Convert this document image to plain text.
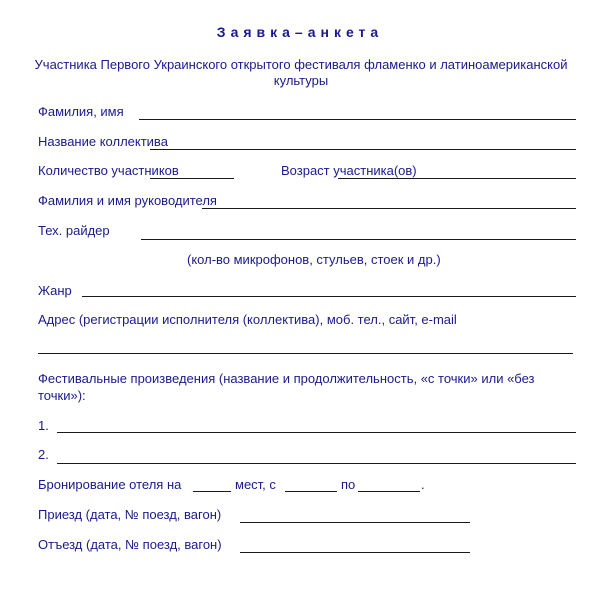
Заявка–анкета
Участника Первого Украинского открытого фестиваля фламенко и латиноамериканской
культуры
Фамилия, имя
Название коллектива
Количество участников	Возраст участника(ов)
Фамилия и имя руководителя
Тех. райдер
(кол-во микрофонов, стульев, стоек и др.)
Жанр
Адрес (регистрации исполнителя (коллектива), моб. тел., сайт, e-mail
Фестивальные произведения (название и продолжительность, «с точки» или «без
точки»):
1.
2.
Бронирование отеля на	мест, с	по	.
Приезд (дата, № поезд, вагон)
Отъезд (дата, № поезд, вагон)
